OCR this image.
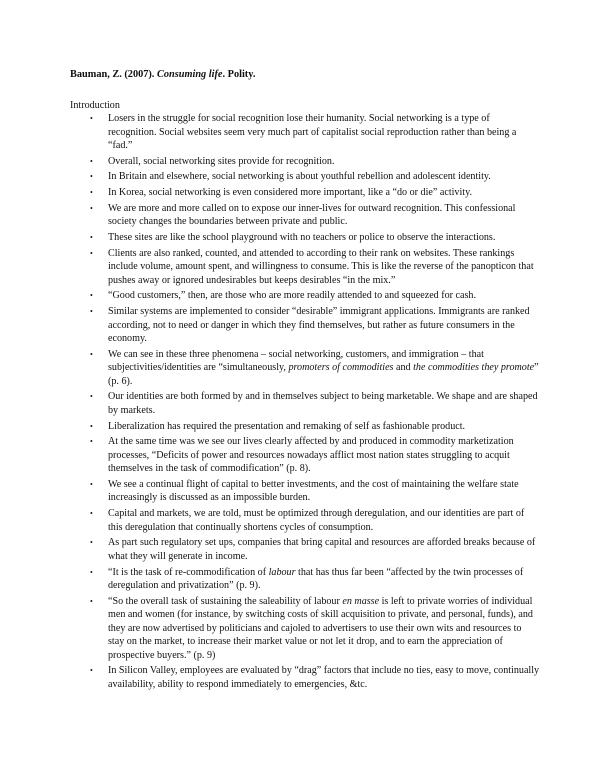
Bauman, Z. (2007). Consuming life. Polity.
Introduction
• Losers in the struggle for social recognition lose their humanity. Social networking is a type of recognition. Social websites seem very much part of capitalist social reproduction rather than being a “fad.”
• Overall, social networking sites provide for recognition.
• In Britain and elsewhere, social networking is about youthful rebellion and adolescent identity.
• In Korea, social networking is even considered more important, like a “do or die” activity.
• We are more and more called on to expose our inner-lives for outward recognition. This confessional society changes the boundaries between private and public.
• These sites are like the school playground with no teachers or police to observe the interactions.
• Clients are also ranked, counted, and attended to according to their rank on websites. These rankings include volume, amount spent, and willingness to consume. This is like the reverse of the panopticon that pushes away or ignored undesirables but keeps desirables “in the mix.”
• “Good customers,” then, are those who are more readily attended to and squeezed for cash.
• Similar systems are implemented to consider “desirable” immigrant applications. Immigrants are ranked according, not to need or danger in which they find themselves, but rather as future consumers in the economy.
• We can see in these three phenomena – social networking, customers, and immigration – that subjectivities/identities are “simultaneously, promoters of commodities and the commodities they promote” (p. 6).
• Our identities are both formed by and in themselves subject to being marketable. We shape and are shaped by markets.
• Liberalization has required the presentation and remaking of self as fashionable product.
• At the same time was we see our lives clearly affected by and produced in commodity marketization processes, “Deficits of power and resources nowadays afflict most nation states struggling to acquit themselves in the task of commodification” (p. 8).
• We see a continual flight of capital to better investments, and the cost of maintaining the welfare state increasingly is discussed as an impossible burden.
• Capital and markets, we are told, must be optimized through deregulation, and our identities are part of this deregulation that continually shortens cycles of consumption.
• As part such regulatory set ups, companies that bring capital and resources are afforded breaks because of what they will generate in income.
• “It is the task of re-commodification of labour that has thus far been “affected by the twin processes of deregulation and privatization” (p. 9).
• “So the overall task of sustaining the saleability of labour en masse is left to private worries of individual men and women (for instance, by switching costs of skill acquisition to private, and personal, funds), and they are now advertised by politicians and cajoled to advertisers to use their own wits and resources to stay on the market, to increase their market value or not let it drop, and to earn the appreciation of prospective buyers.” (p. 9)
• In Silicon Valley, employees are evaluated by “drag” factors that include no ties, easy to move, continually availability, ability to respond immediately to emergencies, &tc.
